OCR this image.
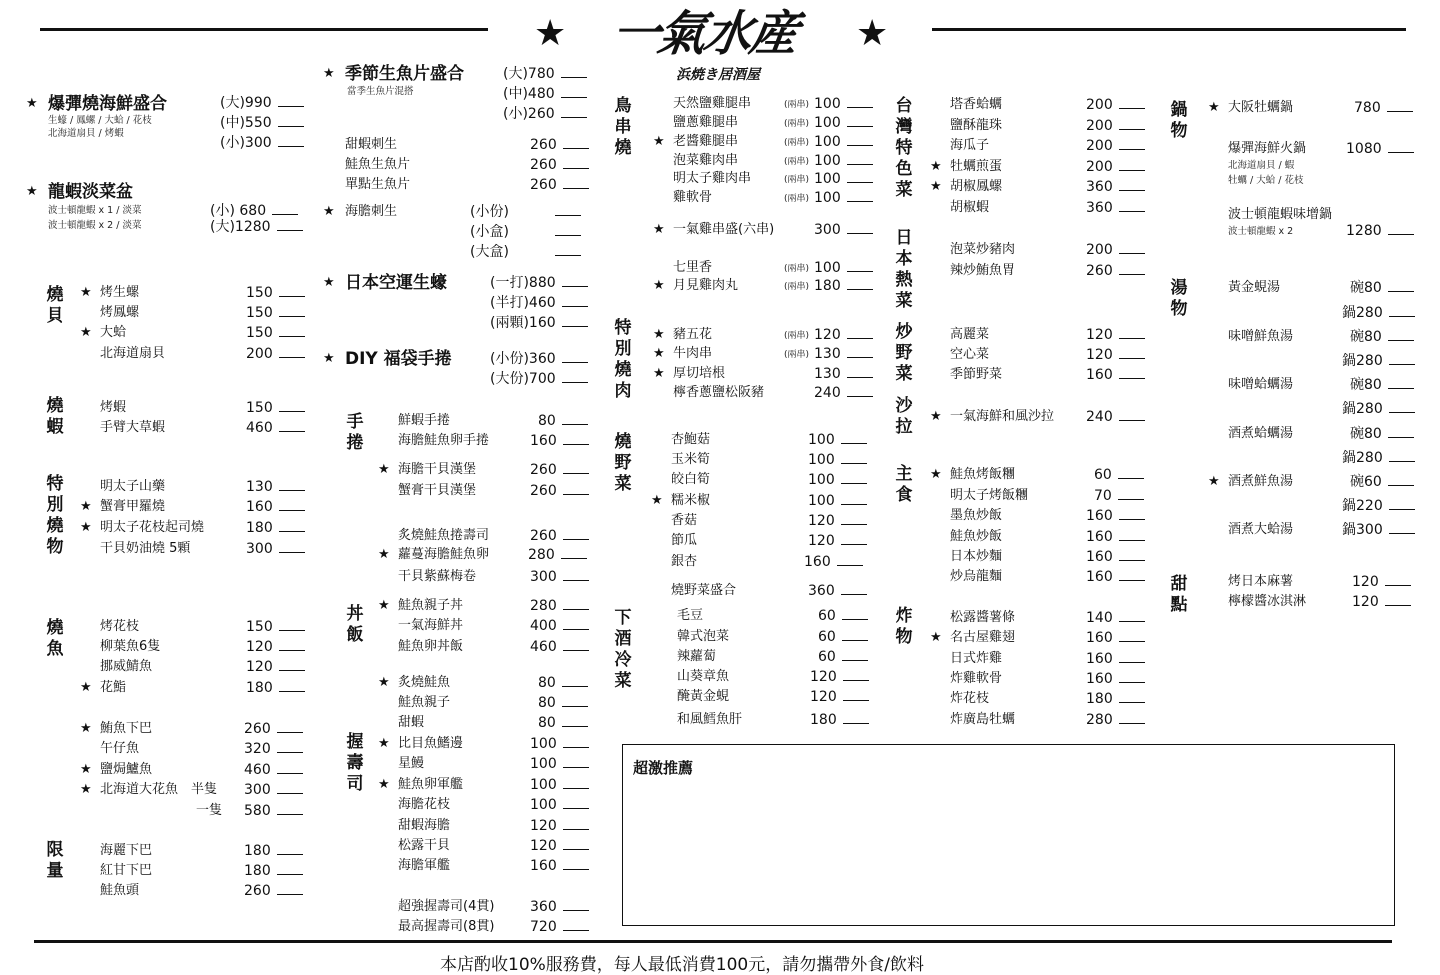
★	★
一氣水産
浜焼き居酒屋
★ 爆彈燒海鮮盛合
生蠔 / 鳳螺 / 大蛤 / 花枝
北海道扇貝 / 烤蝦
(大)990
(中)550
(小)300
★ 龍蝦淡菜盆
波士頓龍蝦 x 1 / 淡菜
波士頓龍蝦 x 2 / 淡菜
(小) 680
(大)1280
燒貝
燒蝦
特別燒物
燒魚
限量
★ 季節生魚片盛合
當季生魚片混搭
(大)780
(中)480
(小)260
★ 海膽刺生	(小份)
(小盒)
(大盒)
★ 日本空運生蠔	(一打)880
(半打)460
(兩顆)160
★ DIY 福袋手捲	(小份)360
(大份)700
手捲
丼飯
握壽司
鳥串燒
特別燒肉
燒野菜
下酒冷菜
★ 一氣雞串盛(六串)	300
燒野菜盛合	360
台灣特色菜
日本熱菜
炒野菜
沙拉
主食
炸物
鍋物
湯物
甜點
★ 大阪牡蠣鍋	780
爆彈海鮮火鍋
北海道扇貝 / 蝦
牡蠣 / 大蛤 / 花枝
1080
波士頓龍蝦味增鍋
波士頓龍蝦 x 2	1280
超激推薦
本店酌收10%服務費，每人最低消費100元，請勿攜帶外食/飲料
★ 烤生螺	150
烤鳳螺	150
★ 大蛤	150
北海道扇貝	200
烤蝦	150
手臂大草蝦	460
明太子山藥	130
★ 蟹膏甲羅燒	160
★ 明太子花枝起司燒	180
干貝奶油燒 5顆	300
烤花枝	150
柳葉魚6隻	120
挪威鯖魚	120
★ 花鮨	180
★ 鮪魚下巴	260
午仔魚	320
★ 鹽焗鱸魚	460
★ 北海道大花魚　半隻 300
一隻 580
海麗下巴	180
紅甘下巴	180
鮭魚頭	260
甜蝦刺生	260
鮭魚生魚片	260
單點生魚片	260
鮮蝦手捲	80
海膽鮭魚卵手捲	160
★ 海膽干貝漢堡	260
蟹膏干貝漢堡	260
炙燒鮭魚捲壽司	260
★ 蘿蔓海膽鮭魚卵	280
干貝紫蘇梅卷	300
★ 鮭魚親子丼	280
一氣海鮮丼	400
鮭魚卵丼飯	460
★ 炙燒鮭魚	80
鮭魚親子	80
甜蝦	80
★ 比目魚鰭邊	100
星鰻	100
★ 鮭魚卵軍艦	100
海膽花枝	100
甜蝦海膽	120
松露干貝	120
海膽軍艦	160
超強握壽司(4貫)	360
最高握壽司(8貫)	720
天然鹽雞腿串	100
(兩串)
鹽蔥雞腿串	100
(兩串)
★ 老醬雞腿串	100
(兩串)
泡菜雞肉串	100
(兩串)
明太子雞肉串	100
(兩串)
雞軟骨	100
(兩串)
七里香	100
(兩串)
★ 月見雞肉丸	180
(兩串)
★ 豬五花	120
(兩串)
★ 牛肉串	130
(兩串)
★ 厚切培根	130
檸香蔥鹽松阪豬	240
杏鮑菇	100
玉米筍	100
皎白筍	100
★ 糯米椒	100
香菇	120
節瓜	120
銀杏	160
毛豆	60
韓式泡菜	60
辣蘿蔔	60
山葵章魚	120
醃黃金蜆	120
和風鱈魚肝	180
塔香蛤蠣	200
鹽酥龍珠	200
海瓜子	200
★ 牡蠣煎蛋	200
★ 胡椒鳳螺	360
胡椒蝦	360
泡菜炒豬肉	200
辣炒鮪魚胃	260
高麗菜	120
空心菜	120
季節野菜	160
★ 一氣海鮮和風沙拉 240
★ 鮭魚烤飯糰	60
明太子烤飯糰	70
墨魚炒飯	160
鮭魚炒飯	160
日本炒麵	160
炒烏龍麵	160
松露醬薯條	140
★ 名古屋雞翅	160
日式炸雞	160
炸雞軟骨	160
炸花枝	180
炸廣島牡蠣	280
黃金蜆湯	碗80
鍋280
味噌鮮魚湯	碗80
鍋280
味噌蛤蠣湯	碗80
鍋280
酒煮蛤蠣湯	碗80
鍋280
★ 酒煮鮮魚湯	碗60
鍋220
酒煮大蛤湯	鍋300
烤日本麻薯	120
檸檬醬冰淇淋	120
